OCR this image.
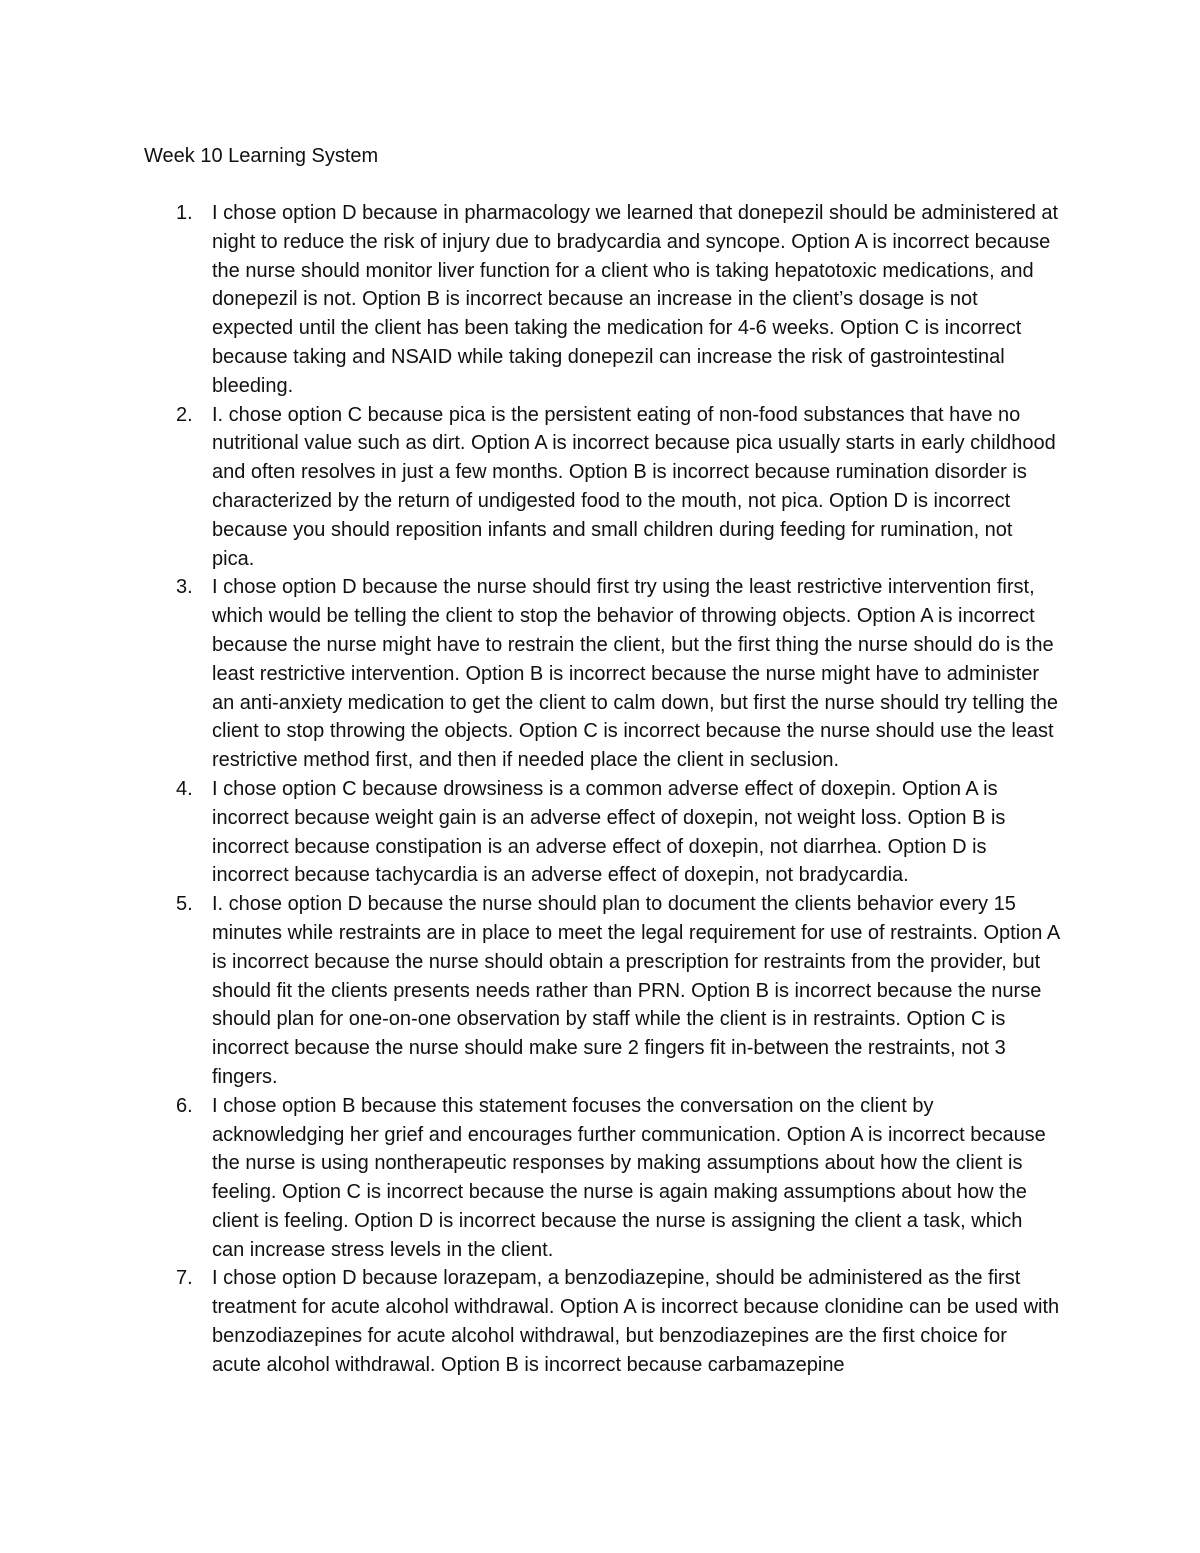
Week 10 Learning System
1. I chose option D because in pharmacology we learned that donepezil should be administered at night to reduce the risk of injury due to bradycardia and syncope. Option A is incorrect because the nurse should monitor liver function for a client who is taking hepatotoxic medications, and donepezil is not. Option B is incorrect because an increase in the client’s dosage is not expected until the client has been taking the medication for 4-6 weeks. Option C is incorrect because taking and NSAID while taking donepezil can increase the risk of gastrointestinal bleeding.
2. I. chose option C because pica is the persistent eating of non-food substances that have no nutritional value such as dirt. Option A is incorrect because pica usually starts in early childhood and often resolves in just a few months. Option B is incorrect because rumination disorder is characterized by the return of undigested food to the mouth, not pica. Option D is incorrect because you should reposition infants and small children during feeding for rumination, not pica.
3. I chose option D because the nurse should first try using the least restrictive intervention first, which would be telling the client to stop the behavior of throwing objects. Option A is incorrect because the nurse might have to restrain the client, but the first thing the nurse should do is the least restrictive intervention. Option B is incorrect because the nurse might have to administer an anti-anxiety medication to get the client to calm down, but first the nurse should try telling the client to stop throwing the objects. Option C is incorrect because the nurse should use the least restrictive method first, and then if needed place the client in seclusion.
4. I chose option C because drowsiness is a common adverse effect of doxepin. Option A is incorrect because weight gain is an adverse effect of doxepin, not weight loss. Option B is incorrect because constipation is an adverse effect of doxepin, not diarrhea. Option D is incorrect because tachycardia is an adverse effect of doxepin, not bradycardia.
5. I. chose option D because the nurse should plan to document the clients behavior every 15 minutes while restraints are in place to meet the legal requirement for use of restraints. Option A is incorrect because the nurse should obtain a prescription for restraints from the provider, but should fit the clients presents needs rather than PRN. Option B is incorrect because the nurse should plan for one-on-one observation by staff while the client is in restraints. Option C is incorrect because the nurse should make sure 2 fingers fit in-between the restraints, not 3 fingers.
6. I chose option B because this statement focuses the conversation on the client by acknowledging her grief and encourages further communication. Option A is incorrect because the nurse is using nontherapeutic responses by making assumptions about how the client is feeling. Option C is incorrect because the nurse is again making assumptions about how the client is feeling. Option D is incorrect because the nurse is assigning the client a task, which can increase stress levels in the client.
7. I chose option D because lorazepam, a benzodiazepine, should be administered as the first treatment for acute alcohol withdrawal. Option A is incorrect because clonidine can be used with benzodiazepines for acute alcohol withdrawal, but benzodiazepines are the first choice for acute alcohol withdrawal. Option B is incorrect because carbamazepine
